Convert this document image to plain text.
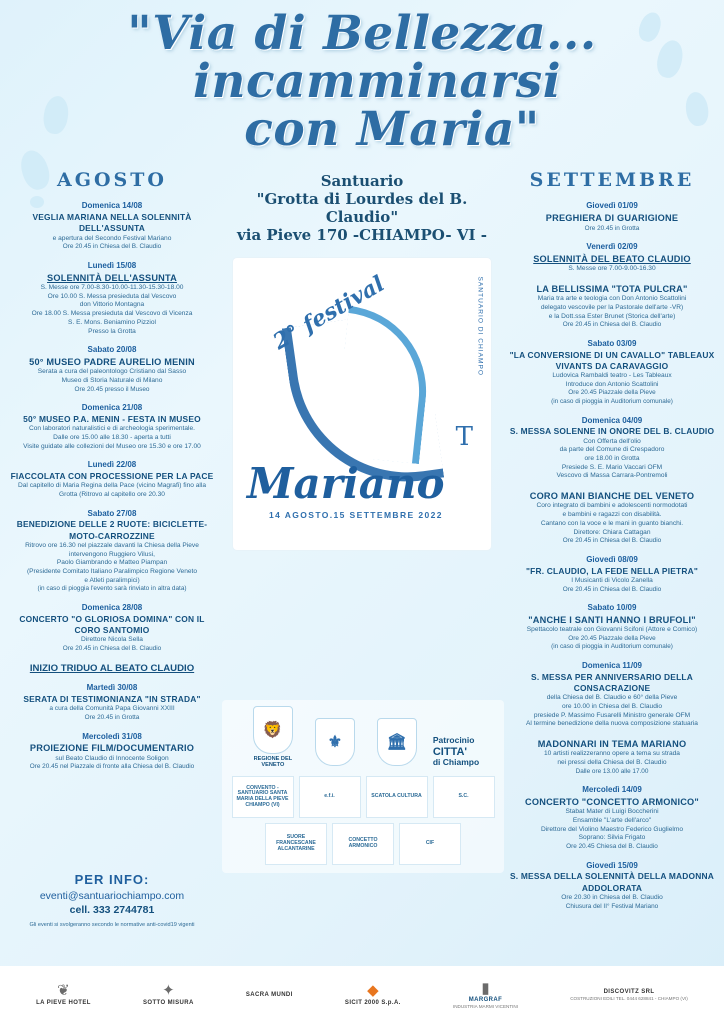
"Via di Bellezza...
incamminarsi
con Maria"
AGOSTO
Domenica 14/08
VEGLIA MARIANA NELLA SOLENNITÀ DELL'ASSUNTA
e apertura del Secondo Festival Mariano
Ore 20.45 in Chiesa del B. Claudio
Lunedì 15/08
SOLENNITÀ DELL'ASSUNTA
S. Messe ore 7.00-8.30-10.00-11.30-15.30-18.00
Ore 10.00 S. Messa presieduta dal Vescovo
don Vittorio Montagna
Ore 18.00 S. Messa presieduta dal Vescovo di Vicenza
S. E. Mons. Beniamino Pizziol
Presso la Grotta
Sabato 20/08
50° MUSEO PADRE AURELIO MENIN
Serata a cura del paleontologo Cristiano dal Sasso
Museo di Storia Naturale di Milano
Ore 20.45 presso il Museo
Domenica 21/08
50° MUSEO P.A. MENIN - FESTA IN MUSEO
Con laboratori naturalistici e di archeologia sperimentale.
Dalle ore 15.00 alle 18.30 - aperta a tutti
Visite guidate alle collezioni del Museo ore 15.30 e ore 17.00
Lunedì 22/08
FIACCOLATA CON PROCESSIONE PER LA PACE
Dal capitello di Maria Regina della Pace (vicino Magrafi) fino alla Grotta (Ritrovo al capitello ore 20.30
Sabato 27/08
BENEDIZIONE DELLE 2 RUOTE: BICICLETTE-MOTO-CARROZZINE
Ritrovo ore 16.30 nel piazzale davanti la Chiesa della Pieve
intervengono Ruggiero Vilusi,
Paolo Giambrando e Matteo Piampan
(Presidente Comitato Italiano Paralimpico Regione Veneto
e Atleti paralimpici)
(in caso di pioggia l'evento sarà rinviato in altra data)
Domenica 28/08
CONCERTO "O GLORIOSA DOMINA" CON IL CORO SANTOMIO
Direttore Nicola Sella
Ore 20.45 in Chiesa del B. Claudio
INIZIO TRIDUO AL BEATO CLAUDIO
Martedì 30/08
SERATA DI TESTIMONIANZA "IN STRADA"
a cura della Comunità Papa Giovanni XXIII
Ore 20.45 in Grotta
Mercoledì 31/08
PROIEZIONE FILM/DOCUMENTARIO
sul Beato Claudio di Innocente Soligon
Ore 20.45 nel Piazzale di fronte alla Chiesa del B. Claudio
SETTEMBRE
Giovedì 01/09
PREGHIERA DI GUARIGIONE
Ore 20.45 in Grotta
Venerdì 02/09
SOLENNITÀ DEL BEATO CLAUDIO
S. Messe ore 7.00-9.00-16.30
LA BELLISSIMA "TOTA PULCRA"
Maria tra arte e teologia con Don Antonio Scattolini
delegato vescovile per la Pastorale dell'arte -VR)
e la Dott.ssa Ester Brunet (Storica dell'arte)
Ore 20.45 in Chiesa del B. Claudio
Sabato 03/09
"LA CONVERSIONE DI UN CAVALLO" TABLEAUX VIVANTS DA CARAVAGGIO
Ludovica Rambaldi teatro - Les Tableaux
Introduce don Antonio Scattolini
Ore 20.45 Piazzale della Pieve
(in caso di pioggia in Auditorium comunale)
Domenica 04/09
S. MESSA SOLENNE IN ONORE DEL B. CLAUDIO
Con Offerta dell'olio
da parte del Comune di Crespadoro
ore 18.00 in Grotta
Presiede S. E. Mario Vaccari OFM
Vescovo di Massa Carrara-Pontremoli
CORO MANI BIANCHE DEL VENETO
Coro integrato di bambini e adolescenti normodotati
e bambini e ragazzi con disabilità.
Cantano con la voce e le mani in guanto bianchi.
Direttore: Chiara Cattagan
Ore 20.45 in Chiesa del B. Claudio
Giovedì 08/09
"FR. CLAUDIO, LA FEDE NELLA PIETRA"
I Musicanti di Vicolo Zanella
Ore 20.45 in Chiesa del B. Claudio
Sabato 10/09
"ANCHE I SANTI HANNO I BRUFOLI"
Spettacolo teatrale con Giovanni Scifoni (Attore e Comico)
Ore 20.45 Piazzale della Pieve
(in caso di pioggia in Auditorium comunale)
Domenica 11/09
S. MESSA PER ANNIVERSARIO DELLA CONSACRAZIONE
della Chiesa del B. Claudio e 60° della Pieve
ore 10.00 in Chiesa del B. Claudio
presiede P. Massimo Fusarelli Ministro generale OFM
Al termine benedizione della nuova composizione statuaria
MADONNARI IN TEMA MARIANO
10 artisti realizzeranno opere a tema su strada
nei pressi della Chiesa del B. Claudio
Dalle ore 13.00 alle 17.00
Mercoledì 14/09
CONCERTO "CONCETTO ARMONICO"
Stabat Mater di Luigi Boccherini
Ensamble "L'arte dell'arco"
Direttore del Violino Maestro Federico Guglielmo
Soprano: Silvia Frigato
Ore 20.45 Chiesa del B. Claudio
Giovedì 15/09
S. MESSA DELLA SOLENNITÀ DELLA MADONNA ADDOLORATA
Ore 20.30 in Chiesa del B. Claudio
Chiusura del II° Festival Mariano
Santuario
"Grotta di Lourdes del B. Claudio"
via Pieve 170 -CHIAMPO- VI -
2° festival	SANTUARIO DI CHIAMPO
T
Mariano
14 AGOSTO.15 SETTEMBRE 2022
🦁
REGIONE DEL VENETO
⚜	🏛	Patrocinio
CITTA'
di Chiampo
CONVENTO - SANTUARIO SANTA MARIA DELLA PIEVE CHIAMPO (VI)
e.f.i.	SCATOLA CULTURA	S.C.
SUORE FRANCESCANE ALCANTARINE
CONCETTO ARMONICO	CIF
PER INFO:
eventi@santuariochiampo.com
cell. 333 2744781
Gli eventi si svolgeranno secondo le normative anti-covid19 vigenti
❦
LA PIEVE HOTEL
✦
SOTTO MISURA
SACRA MUNDI	◆
SICIT 2000 S.p.A.
▮
MARGRAF
INDUSTRIA MARMI VICENTINI
DISCOVITZ SRL
COSTRUZIONI EDILI TEL. 0444 628841 - CHIAMPO (VI)
